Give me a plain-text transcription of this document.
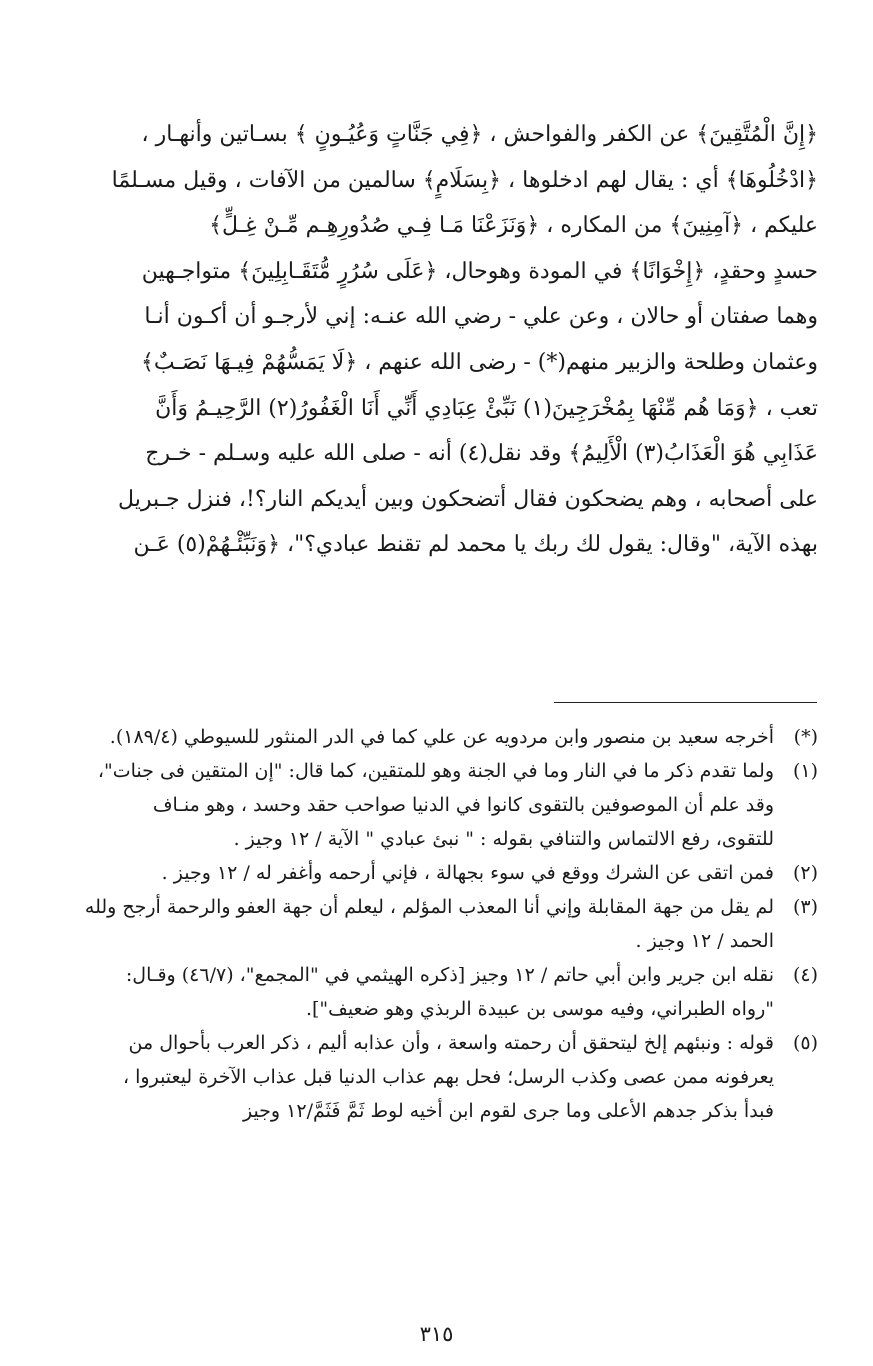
﴿إِنَّ الْمُتَّقِينَ﴾ عن الكفر والفواحش ، ﴿فِي جَنَّاتٍ وَعُيُـونٍ ﴾ بسـاتين وأنهـار ،
﴿ادْخُلُوهَا﴾ أي : يقال لهم ادخلوها ، ﴿بِسَلَامٍ﴾ سالمين من الآفات ، وقيل مسـلمًا
عليكم ، ﴿آمِنِينَ﴾ من المكاره ، ﴿وَنَزَعْنَا مَـا فِـي صُدُورِهِـم مِّـنْ غِـلٍّ﴾
حسدٍ وحقدٍ، ﴿إِخْوَانًا﴾ في المودة وهوحال، ﴿عَلَى سُرُرٍ مُّتَقَـابِلِينَ﴾ متواجـهين
وهما صفتان أو حالان ، وعن علي - رضي الله عنـه: إني لأرجـو أن أكـون أنـا
وعثمان وطلحة والزبير منهم(*) - رضى الله عنهم ، ﴿لَا يَمَسُّهُمْ فِيـهَا نَصَـبٌ﴾
تعب ، ﴿وَمَا هُم مِّنْهَا بِمُخْرَجِينَ(١) نَبِّئْ عِبَادِي أَنِّي أَنَا الْغَفُورُ(٢) الرَّحِيـمُ وَأَنَّ
عَذَابِي هُوَ الْعَذَابُ(٣) الْأَلِيمُ﴾ وقد نقل(٤) أنه - صلى الله عليه وسـلم - خـرج
على أصحابه ، وهم يضحكون فقال أتضحكون وبين أيديكم النار؟!، فنزل جـبريل
بهذه الآية، "وقال: يقول لك ربك يا محمد لم تقنط عبادي؟"، ﴿وَنَبِّئْـهُمْ(٥) عَـن
(*)
أخرجه سعيد بن منصور وابن مردويه عن علي كما في الدر المنثور للسيوطي (١٨٩/٤).
(١)
ولما تقدم ذكر ما في النار وما في الجنة وهو للمتقين، كما قال: "إن المتقين فى جنات"،
وقد علم أن الموصوفين بالتقوى كانوا في الدنيا صواحب حقد وحسد ، وهو منـاف
للتقوى، رفع الالتماس والتنافي بقوله : " نبئ عبادي " الآية / ١٢ وجيز .
(٢)
فمن اتقى عن الشرك ووقع في سوء بجهالة ، فإني أرحمه وأغفر له / ١٢ وجيز .
(٣)
لم يقل من جهة المقابلة وإني أنا المعذب المؤلم ، ليعلم أن جهة العفو والرحمة أرجح ولله
الحمد / ١٢ وجيز .
(٤)
نقله ابن جرير وابن أبي حاتم / ١٢ وجيز [ذكره الهيثمي في "المجمع"، (٤٦/٧) وقـال:
"رواه الطبراني، وفيه موسى بن عبيدة الربذي وهو ضعيف"].
(٥)
قوله : ونبئهم إلخ ليتحقق أن رحمته واسعة ، وأن عذابه أليم ، ذكر العرب بأحوال من
يعرفونه ممن عصى وكذب الرسل؛ فحل بهم عذاب الدنيا قبل عذاب الآخرة ليعتبروا ،
فبدأ بذكر جدهم الأعلى وما جرى لقوم ابن أخيه لوط ثَمَّ فَثَمَّ/١٢ وجيز
٣١٥
